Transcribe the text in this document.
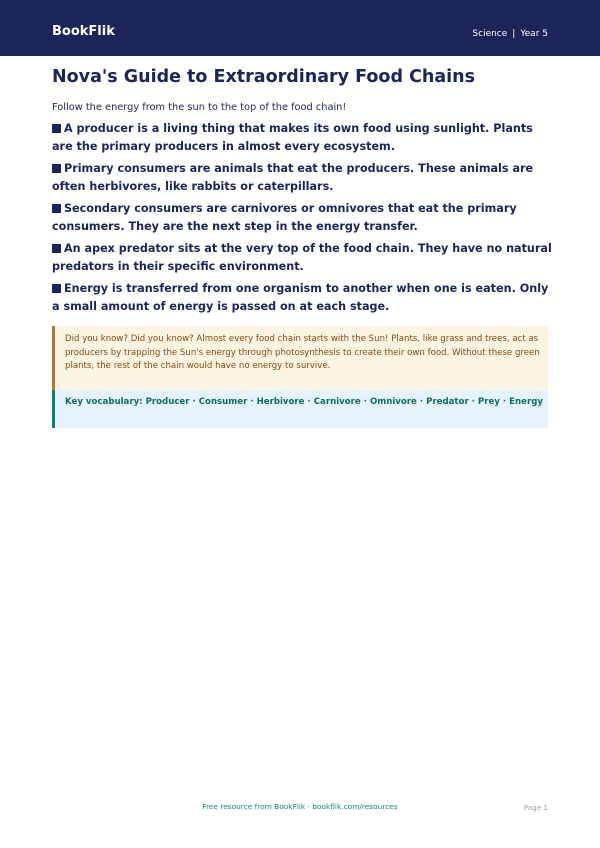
BookFlik	Science | Year 5
Nova's Guide to Extraordinary Food Chains
Follow the energy from the sun to the top of the food chain!
A producer is a living thing that makes its own food using sunlight. Plants are the primary producers in almost every ecosystem.
Primary consumers are animals that eat the producers. These animals are often herbivores, like rabbits or caterpillars.
Secondary consumers are carnivores or omnivores that eat the primary consumers. They are the next step in the energy transfer.
An apex predator sits at the very top of the food chain. They have no natural predators in their specific environment.
Energy is transferred from one organism to another when one is eaten. Only a small amount of energy is passed on at each stage.
Did you know? Did you know? Almost every food chain starts with the Sun! Plants, like grass and trees, act as producers by trapping the Sun's energy through photosynthesis to create their own food. Without these green plants, the rest of the chain would have no energy to survive.
Key vocabulary: Producer · Consumer · Herbivore · Carnivore · Omnivore · Predator · Prey · Energy
Free resource from BookFlik · bookflik.com/resources	Page 1
